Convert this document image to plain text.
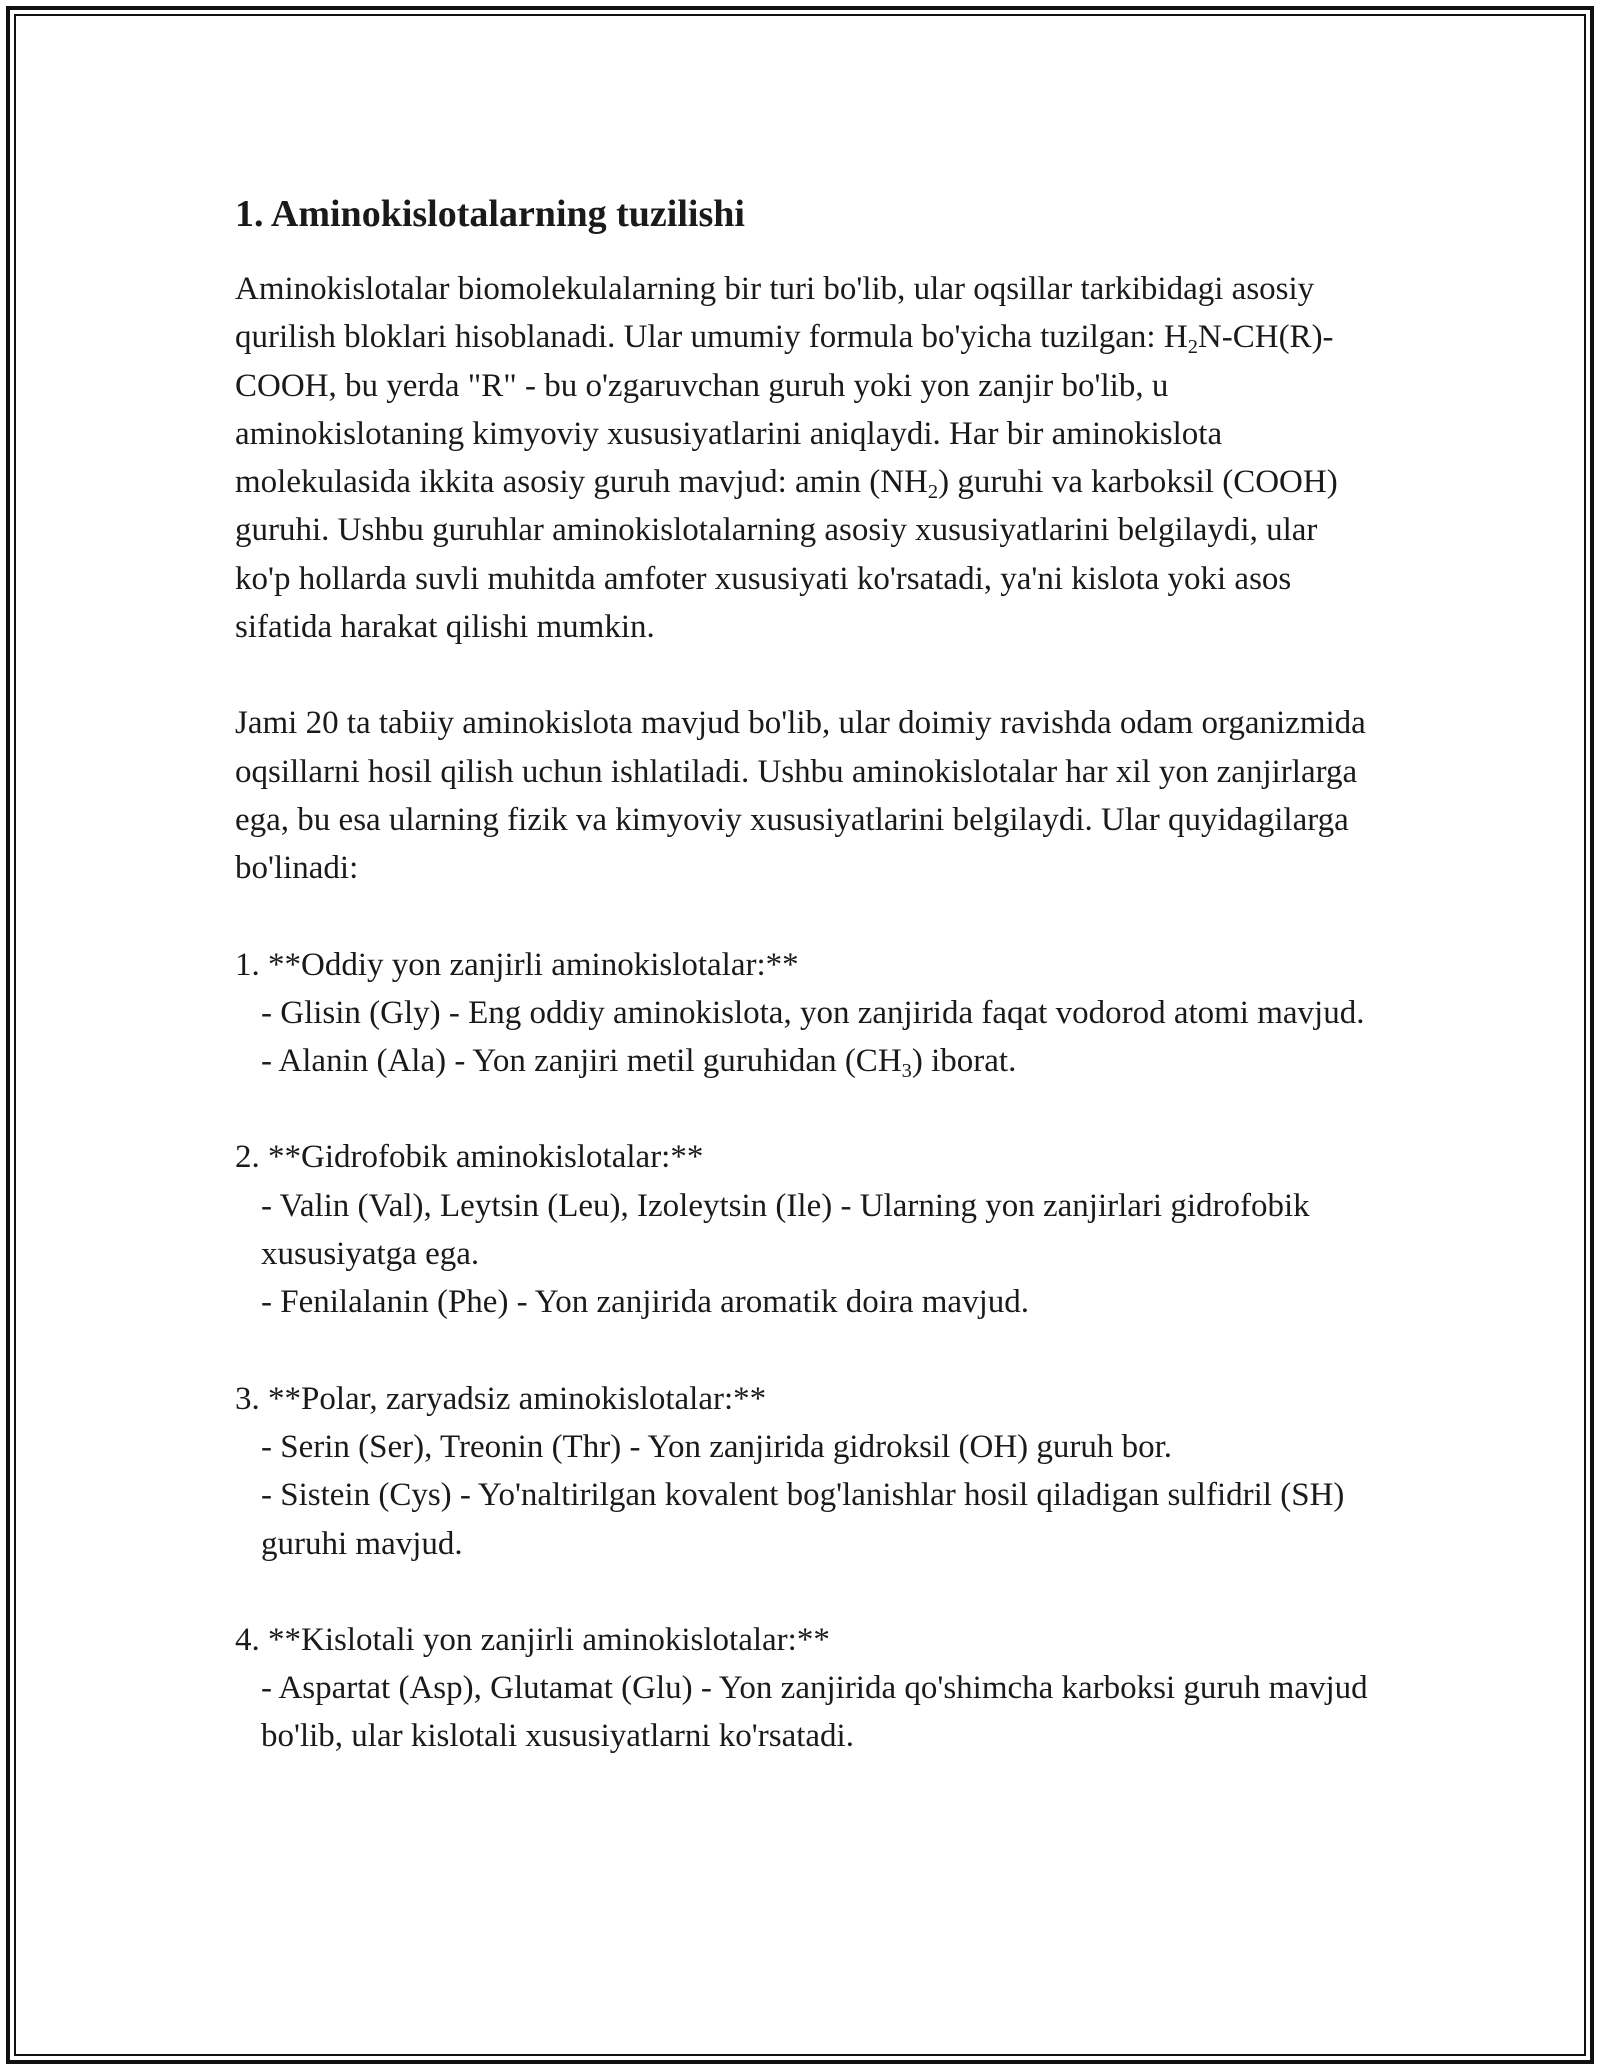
1. Aminokislotalarning tuzilishi

Aminokislotalar biomolekulalarning bir turi bo'lib, ular oqsillar tarkibidagi asosiy qurilish bloklari hisoblanadi. Ular umumiy formula bo'yicha tuzilgan: $H_2N-CH(R)$-COOH, bu yerda "R" - bu o'zgaruvchan guruh yoki yon zanjir bo'lib, u aminokislotaning kimyoviy xususiyatlarini aniqlaydi. Har bir aminokislota molekulasida ikkita asosiy guruh mavjud: amin $(NH_2)$ guruhi va karboksil (COOH) guruhi. Ushbu guruhlar aminokislotalarning asosiy xususiyatlarini belgilaydi, ular ko'p hollarda suvli muhitda amfoter xususiyati ko'rsatadi, ya'ni kislota yoki asos sifatida harakat qilishi mumkin.

Jami 20 ta tabiiy aminokislota mavjud bo'lib, ular doimiy ravishda odam organizmida oqsillarni hosil qilish uchun ishlatiladi. Ushbu aminokislotalar har xil yon zanjirlarga ega, bu esa ularning fizik va kimyoviy xususiyatlarini belgilaydi. Ular quyidagilarga bo'linadi:

1. **Oddiy yon zanjirli aminokislotalar:**

- Glisin (Gly) - Eng oddiy aminokislota, yon zanjirida faqat vodorod atomi mavjud.

- Alanin (Ala) - Yon zanjiri metil guruhidan $(CH_3)$ iborat.

2. **Gidrofobik aminokislotalar:**

- Valin (Val), Leytsin (Leu), Izoleytsin (Ile) - Ularning yon zanjirlari gidrofobik xususiyatga ega.

- Fenilalanin (Phe) - Yon zanjirida aromatik doira mavjud.

3. **Polar, zaryadsiz aminokislotalar:**

- Serin (Ser), Treonin (Thr) - Yon zanjirida gidroksil (OH) guruh bor.

- Sistein (Cys) - Yo'naltirilgan kovalent bog'lanishlar hosil qiladigan sulfidril (SH) guruhi mavjud.

4. **Kislotali yon zanjirli aminokislotalar:**

- Aspartat (Asp), Glutamat (Glu) - Yon zanjirida qo'shimcha karboksi guruh mavjud bo'lib, ular kislotali xususiyatlarni ko'rsatadi.
